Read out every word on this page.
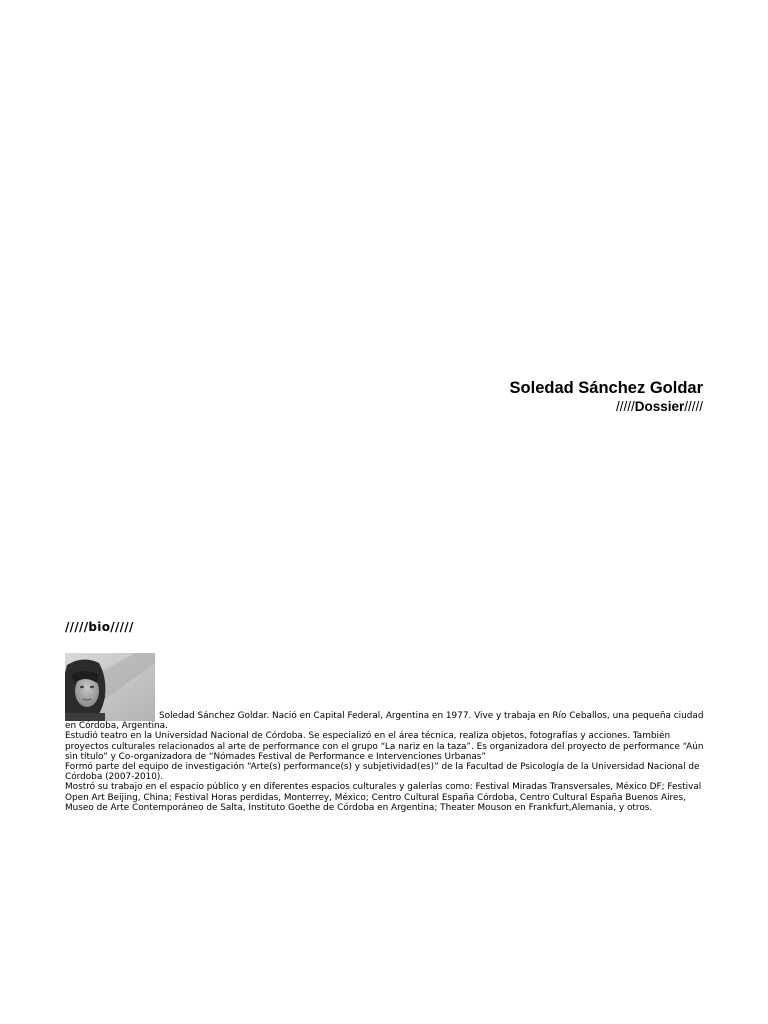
Soledad Sánchez Goldar
/////Dossier/////
/////bio/////

Soledad Sánchez Goldar. Nació en Capital Federal, Argentina en 1977. Vive y trabaja en Río Ceballos, una pequeña ciudad en Córdoba, Argentina.

Estudió teatro en la Universidad Nacional de Córdoba. Se especializó en el área técnica, realiza objetos, fotografías y acciones. También proyectos culturales relacionados al arte de performance con el grupo “La nariz en la taza”. Es organizadora del proyecto de performance “Aún sin título” y Co-organizadora de “Nómades Festival de Performance e Intervenciones Urbanas”

Formó parte del equipo de investigación “Arte(s) performance(s) y subjetividad(es)” de la Facultad de Psicología de la Universidad Nacional de Córdoba (2007-2010).

Mostró su trabajo en el espacio público y en diferentes espacios culturales y galerías como: Festival Miradas Transversales, México DF; Festival Open Art Beijing, China; Festival Horas perdidas, Monterrey, México; Centro Cultural España Córdoba, Centro Cultural España Buenos Aires, Museo de Arte Contemporáneo de Salta, Instituto Goethe de Córdoba en Argentina; Theater Mouson en Frankfurt,Alemania, y otros.
